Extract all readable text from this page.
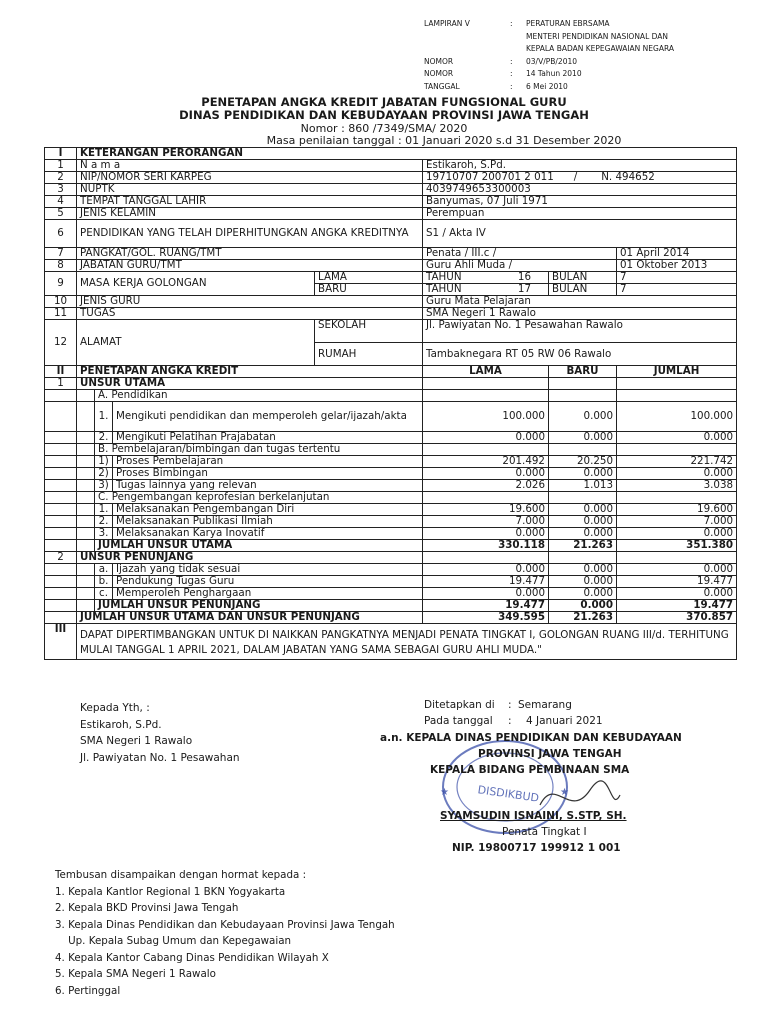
LAMPIRAN V	:	PERATURAN EBRSAMA
MENTERI PENDIDIKAN NASIONAL DAN
KEPALA BADAN KEPEGAWAIAN NEGARA
NOMOR	:	03/V/PB/2010
NOMOR	:	14 Tahun 2010
TANGGAL	:	6 Mei 2010
PENETAPAN ANGKA KREDIT JABATAN FUNGSIONAL GURU
DINAS PENDIDIKAN DAN KEBUDAYAAN PROVINSI JAWA TENGAH
Nomor : 860 /7349/SMA/ 2020
Masa penilaian tanggal : 01 Januari 2020 s.d 31 Desember 2020
I	KETERANGAN PERORANGAN						
1	N a m a				Estikaroh, S.Pd.		
2	NIP/NOMOR SERI KARPEG				19710707 200701 2 011 / N. 494652		
3	NUPTK				4039749653300003		
4	TEMPAT TANGGAL LAHIR				Banyumas, 07 Juli 1971		
5	JENIS KELAMIN				Perempuan		
6	PENDIDIKAN YANG TELAH DIPERHITUNGKAN ANGKA KREDITNYA				S1 / Akta IV		
7	PANGKAT/GOL. RUANG/TMT				Penata / III.c /		01 April 2014
8	JABATAN GURU/TMT				Guru Ahli Muda /		01 Oktober 2013
9	MASA KERJA GOLONGAN			LAMA	TAHUN 16	BULAN	7
				BARU	TAHUN 17	BULAN	7
10	JENIS GURU				Guru Mata Pelajaran		
11	TUGAS				SMA Negeri 1 Rawalo		
12	ALAMAT			SEKOLAH	Jl. Pawiyatan No. 1 Pesawahan Rawalo		
				RUMAH	Tambaknegara RT 05 RW 06 Rawalo		
II	PENETAPAN ANGKA KREDIT				LAMA	BARU	JUMLAH
1	UNSUR UTAMA						
		A. Pendidikan					
		1.	Mengikuti pendidikan dan memperoleh gelar/ijazah/akta		100.000	0.000	100.000
		2.	Mengikuti Pelatihan Prajabatan		0.000	0.000	0.000
		B. Pembelajaran/bimbingan dan tugas tertentu					
		1)	Proses Pembelajaran		201.492	20.250	221.742
		2)	Proses Bimbingan		0.000	0.000	0.000
		3)	Tugas lainnya yang relevan		2.026	1.013	3.038
		C. Pengembangan keprofesian berkelanjutan					
		1.	Melaksanakan Pengembangan Diri		19.600	0.000	19.600
		2.	Melaksanakan Publikasi Ilmiah		7.000	0.000	7.000
		3.	Melaksanakan Karya Inovatif		0.000	0.000	0.000
		JUMLAH UNSUR UTAMA			330.118	21.263	351.380
2	UNSUR PENUNJANG						
		a.	Ijazah yang tidak sesuai		0.000	0.000	0.000
		b.	Pendukung Tugas Guru		19.477	0.000	19.477
		c.	Memperoleh Penghargaan		0.000	0.000	0.000
		JUMLAH UNSUR PENUNJANG			19.477	0.000	19.477
	JUMLAH UNSUR UTAMA DAN UNSUR PENUNJANG				349.595	21.263	370.857
III	DAPAT DIPERTIMBANGKAN UNTUK DI NAIKKAN PANGKATNYA MENJADI PENATA TINGKAT I, GOLONGAN RUANG III/d. TERHITUNG MULAI TANGGAL 1 APRIL 2021, DALAM JABATAN YANG SAMA SEBAGAI GURU AHLI MUDA."						
Kepada Yth, :
Estikaroh, S.Pd.
SMA Negeri 1 Rawalo
Jl. Pawiyatan No. 1 Pesawahan
Ditetapkan di	: Semarang
Pada tanggal	:	4 Januari 2021
DISDIKBUD
★	★
a.n. KEPALA DINAS PENDIDIKAN DAN KEBUDAYAAN
PROVINSI JAWA TENGAH
KEPALA BIDANG PEMBINAAN SMA
SYAMSUDIN ISNAINI, S.STP, SH.
Penata Tingkat I
NIP. 19800717 199912 1 001
Tembusan disampaikan dengan hormat kepada :
1. Kepala Kantlor Regional 1 BKN Yogyakarta
2. Kepala BKD Provinsi Jawa Tengah
3. Kepala Dinas Pendidikan dan Kebudayaan Provinsi Jawa Tengah
Up. Kepala Subag Umum dan Kepegawaian
4. Kepala Kantor Cabang Dinas Pendidikan Wilayah X
5. Kepala SMA Negeri 1 Rawalo
6. Pertinggal
